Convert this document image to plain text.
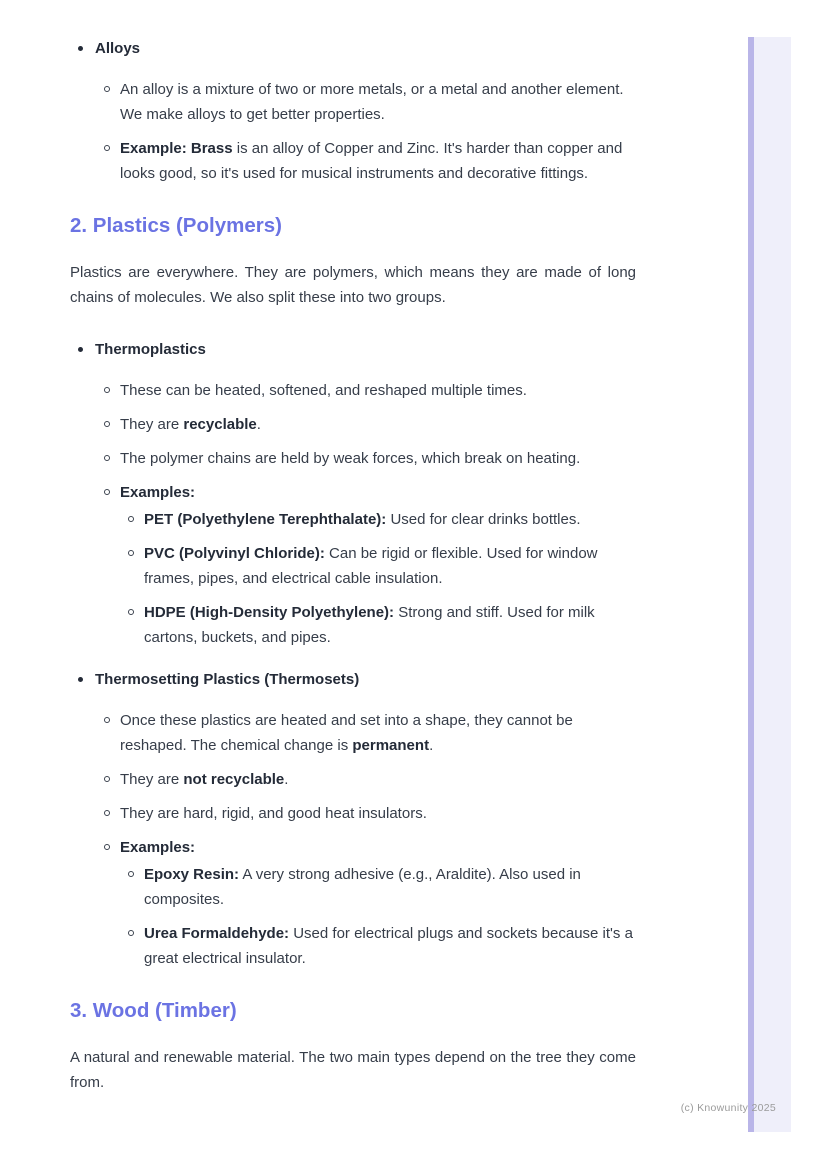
(c) Knowunity 2025
Alloys
An alloy is a mixture of two or more metals, or a metal and another element. We make alloys to get better properties.
Example: Brass is an alloy of Copper and Zinc. It's harder than copper and looks good, so it's used for musical instruments and decorative fittings.
2. Plastics (Polymers)

Plastics are everywhere. They are polymers, which means they are made of long chains of molecules. We also split these into two groups.

Thermoplastics
These can be heated, softened, and reshaped multiple times.
They are recyclable.
The polymer chains are held by weak forces, which break on heating.
Examples:
PET (Polyethylene Terephthalate): Used for clear drinks bottles.
PVC (Polyvinyl Chloride): Can be rigid or flexible. Used for window frames, pipes, and electrical cable insulation.
HDPE (High-Density Polyethylene): Strong and stiff. Used for milk cartons, buckets, and pipes.
Thermosetting Plastics (Thermosets)
Once these plastics are heated and set into a shape, they cannot be reshaped. The chemical change is permanent.
They are not recyclable.
They are hard, rigid, and good heat insulators.
Examples:
Epoxy Resin: A very strong adhesive (e.g., Araldite). Also used in composites.
Urea Formaldehyde: Used for electrical plugs and sockets because it's a great electrical insulator.
3. Wood (Timber)

A natural and renewable material. The two main types depend on the tree they come from.
